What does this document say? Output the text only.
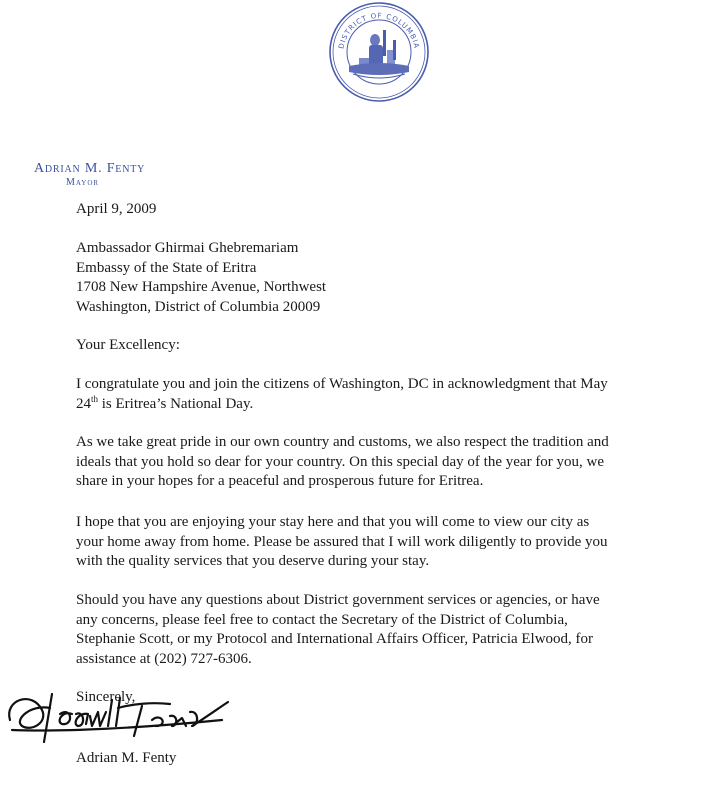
DISTRICT OF COLUMBIA
Adrian M. Fenty
Mayor
April 9, 2009
Ambassador Ghirmai Ghebremariam
Embassy of the State of Eritra
1708 New Hampshire Avenue, Northwest
Washington, District of Columbia 20009
Your Excellency:
I congratulate you and join the citizens of Washington, DC in acknowledgment that May
24th is Eritrea’s National Day.
As we take great pride in our own country and customs, we also respect the tradition and
ideals that you hold so dear for your country. On this special day of the year for you, we
share in your hopes for a peaceful and prosperous future for Eritrea.
I hope that you are enjoying your stay here and that you will come to view our city as
your home away from home. Please be assured that I will work diligently to provide you
with the quality services that you deserve during your stay.
Should you have any questions about District government services or agencies, or have
any concerns, please feel free to contact the Secretary of the District of Columbia,
Stephanie Scott, or my Protocol and International Affairs Officer, Patricia Elwood, for
assistance at (202) 727-6306.
Sincerely,
Adrian M. Fenty
